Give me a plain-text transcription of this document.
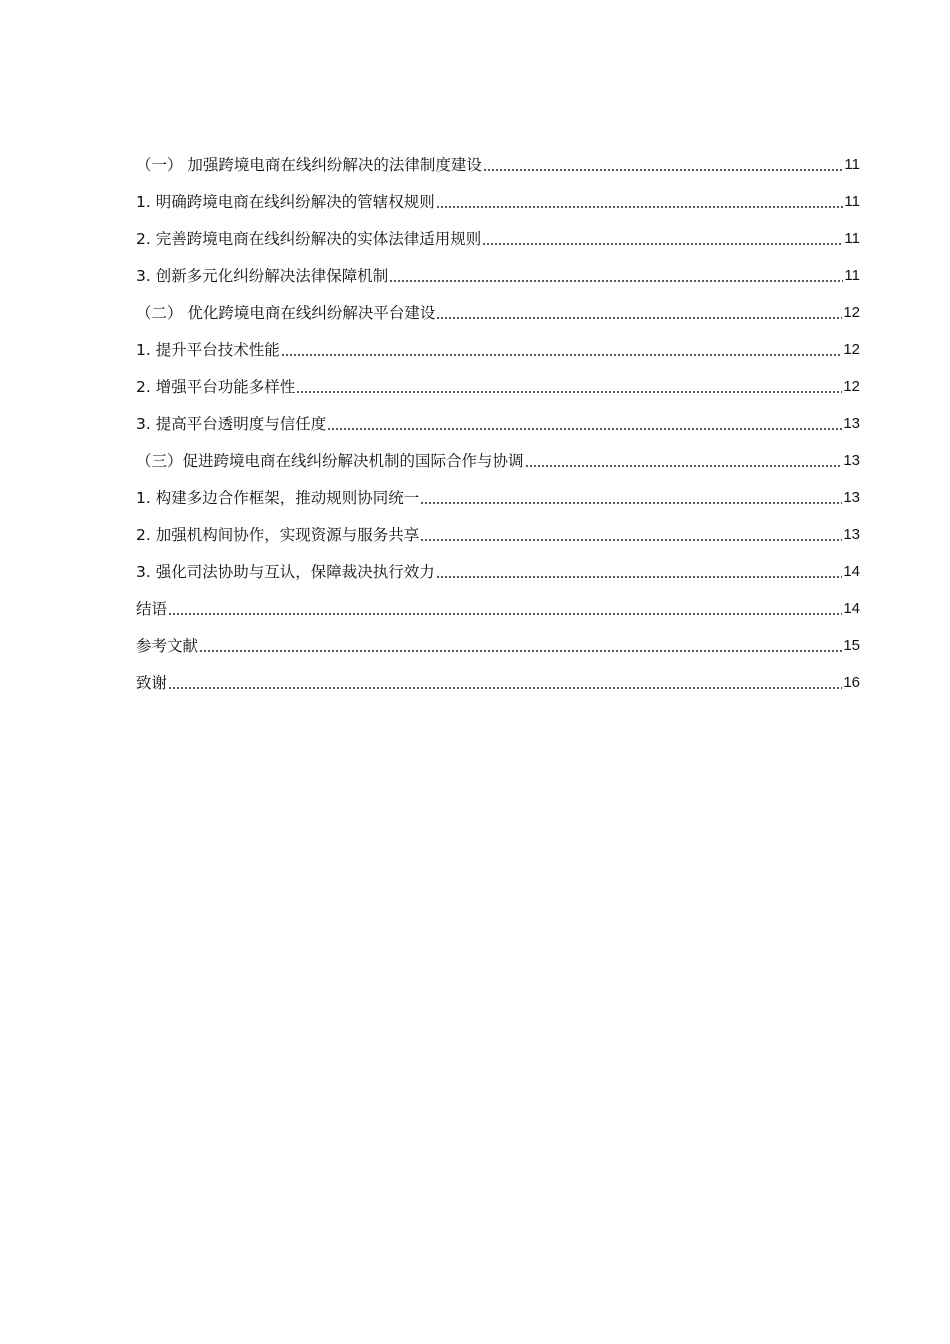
（一） 加强跨境电商在线纠纷解决的法律制度建设	11
1. 明确跨境电商在线纠纷解决的管辖权规则	11
2. 完善跨境电商在线纠纷解决的实体法律适用规则	11
3. 创新多元化纠纷解决法律保障机制	11
（二） 优化跨境电商在线纠纷解决平台建设	12
1. 提升平台技术性能	12
2. 增强平台功能多样性	12
3. 提高平台透明度与信任度	13
（三）促进跨境电商在线纠纷解决机制的国际合作与协调	13
1. 构建多边合作框架，推动规则协同统一	13
2. 加强机构间协作，实现资源与服务共享	13
3. 强化司法协助与互认，保障裁决执行效力	14
结语	14
参考文献	15
致谢	16
